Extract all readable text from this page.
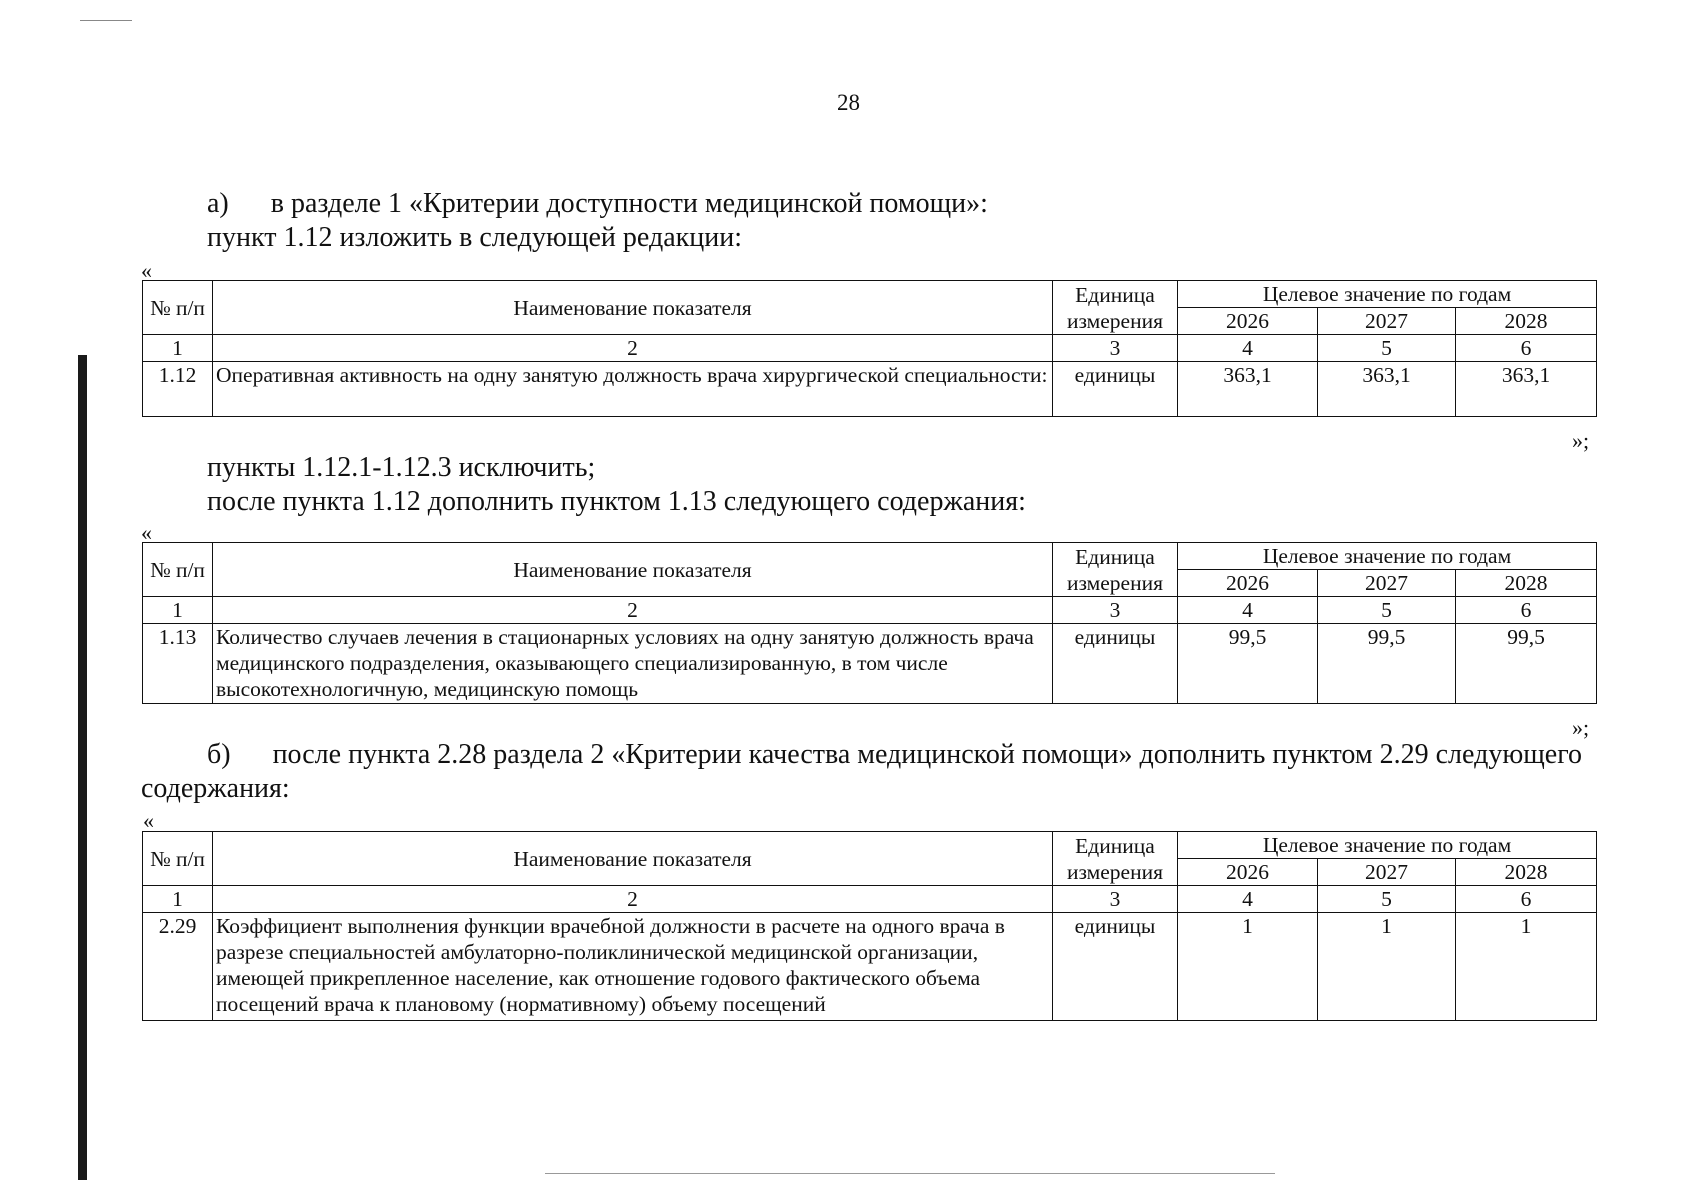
28
а)      в разделе 1 «Критерии доступности медицинской помощи»:
пункт 1.12 изложить в следующей редакции:
«
№ п/п	Наименование показателя	Единица измерения	Целевое значение по годам		
			2026	2027	2028
1	2	3	4	5	6
1.12	Оперативная активность на одну занятую должность врача хирургической специальности:	единицы	363,1	363,1	363,1
»;
пункты 1.12.1-1.12.3 исключить;
после пункта 1.12 дополнить пунктом 1.13 следующего содержания:
«
№ п/п	Наименование показателя	Единица измерения	Целевое значение по годам		
			2026	2027	2028
1	2	3	4	5	6
1.13	Количество случаев лечения в стационарных условиях на одну занятую должность врача медицинского подразделения, оказывающего специализированную, в том числе высокотехнологичную, медицинскую помощь	единицы	99,5	99,5	99,5
»;
б)      после пункта 2.28 раздела 2 «Критерии качества медицинской помощи» дополнить пунктом 2.29 следующего
содержания:
«
№ п/п	Наименование показателя	Единица измерения	Целевое значение по годам		
			2026	2027	2028
1	2	3	4	5	6
2.29	Коэффициент выполнения функции врачебной должности в расчете на одного врача в разрезе специальностей амбулаторно-поликлинической медицинской организации, имеющей прикрепленное население, как отношение годового фактического объема посещений врача к плановому (нормативному) объему посещений	единицы	1	1	1
